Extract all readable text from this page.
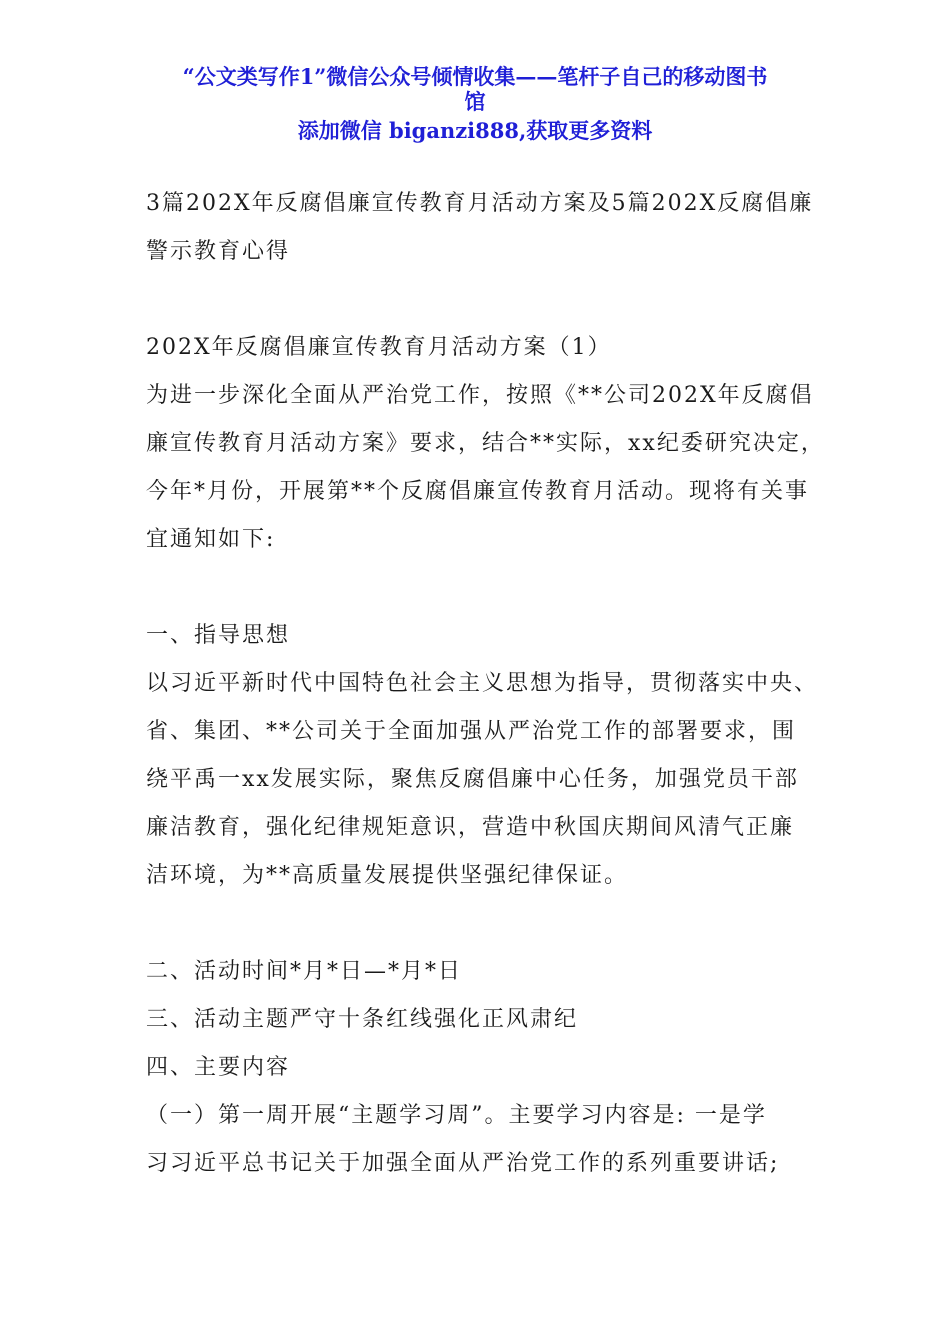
“公文类写作1”微信公众号倾情收集——笔杆子自己的移动图书
馆
添加微信 biganzi888,获取更多资料

3篇202X年反腐倡廉宣传教育月活动方案及5篇202X反腐倡廉

警示教育心得

202X年反腐倡廉宣传教育月活动方案（1）

为进一步深化全面从严治党工作，按照《**公司202X年反腐倡

廉宣传教育月活动方案》要求，结合**实际，xx纪委研究决定，

今年*月份，开展第**个反腐倡廉宣传教育月活动。现将有关事

宜通知如下:

一、指导思想

以习近平新时代中国特色社会主义思想为指导，贯彻落实中央、

省、集团、**公司关于全面加强从严治党工作的部署要求，围

绕平禹一xx发展实际，聚焦反腐倡廉中心任务，加强党员干部

廉洁教育，强化纪律规矩意识，营造中秋国庆期间风清气正廉

洁环境，为**高质量发展提供坚强纪律保证。

二、活动时间*月*日—*月*日

三、活动主题严守十条红线强化正风肃纪

四、主要内容

（一）第一周开展“主题学习周”。主要学习内容是: 一是学

习习近平总书记关于加强全面从严治党工作的系列重要讲话;
